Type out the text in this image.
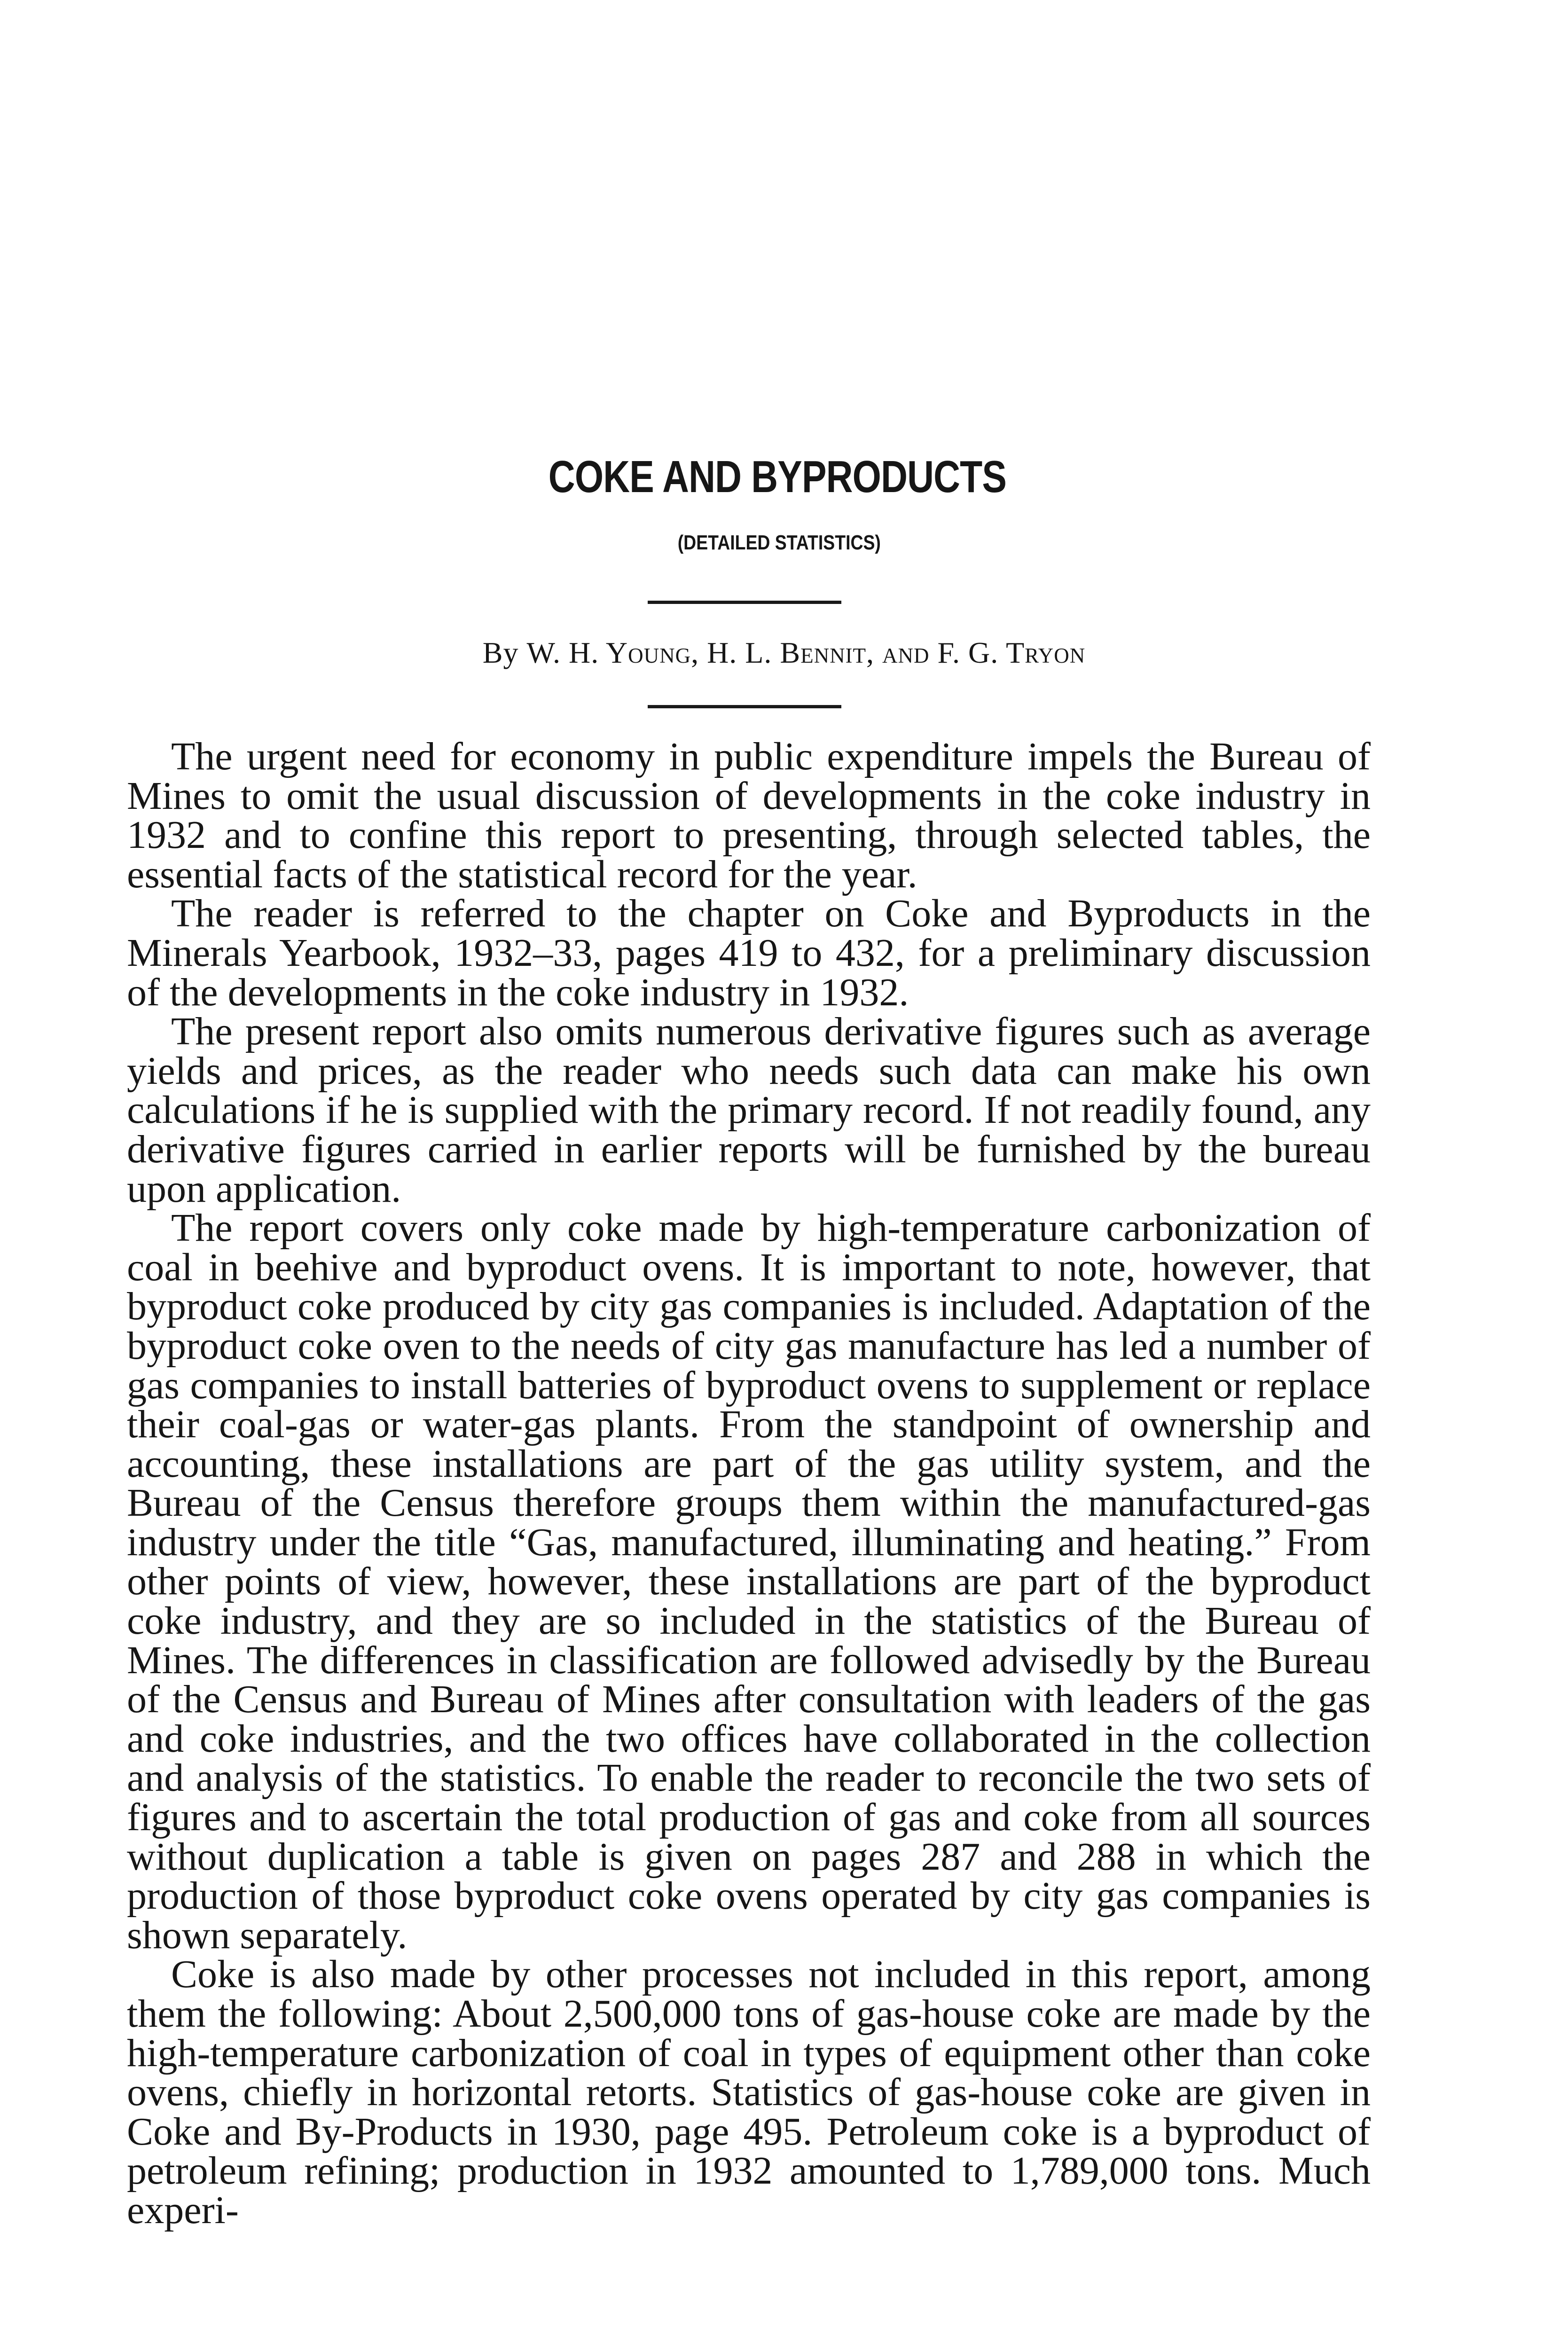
COKE AND BYPRODUCTS
(DETAILED STATISTICS)
By W. H. Young, H. L. Bennit, and F. G. Tryon

The urgent need for economy in public expenditure impels the Bureau of Mines to omit the usual discussion of developments in the coke industry in 1932 and to confine this report to presenting, through selected tables, the essential facts of the statistical record for the year.

The reader is referred to the chapter on Coke and Byproducts in the Minerals Yearbook, 1932–33, pages 419 to 432, for a preliminary discussion of the developments in the coke industry in 1932.

The present report also omits numerous derivative figures such as average yields and prices, as the reader who needs such data can make his own calculations if he is supplied with the primary record. If not readily found, any derivative figures carried in earlier reports will be furnished by the bureau upon application.

The report covers only coke made by high-temperature carbonization of coal in beehive and byproduct ovens. It is important to note, however, that byproduct coke produced by city gas companies is included. Adaptation of the byproduct coke oven to the needs of city gas manufacture has led a number of gas companies to install batteries of byproduct ovens to supplement or replace their coal-gas or water-gas plants. From the standpoint of ownership and accounting, these installations are part of the gas utility system, and the Bureau of the Census therefore groups them within the manufactured-gas industry under the title “Gas, manufactured, illuminating and heating.” From other points of view, however, these installations are part of the byproduct coke industry, and they are so included in the statistics of the Bureau of Mines. The differences in classification are followed advisedly by the Bureau of the Census and Bureau of Mines after consultation with leaders of the gas and coke industries, and the two offices have collaborated in the collection and analysis of the statistics. To enable the reader to reconcile the two sets of figures and to ascertain the total production of gas and coke from all sources without duplication a table is given on pages 287 and 288 in which the production of those byproduct coke ovens operated by city gas companies is shown separately.

Coke is also made by other processes not included in this report, among them the following: About 2,500,000 tons of gas-house coke are made by the high-temperature carbonization of coal in types of equipment other than coke ovens, chiefly in horizontal retorts. Statistics of gas-house coke are given in Coke and By-Products in 1930, page 495. Petroleum coke is a byproduct of petroleum refining; production in 1932 amounted to 1,789,000 tons. Much experi-
